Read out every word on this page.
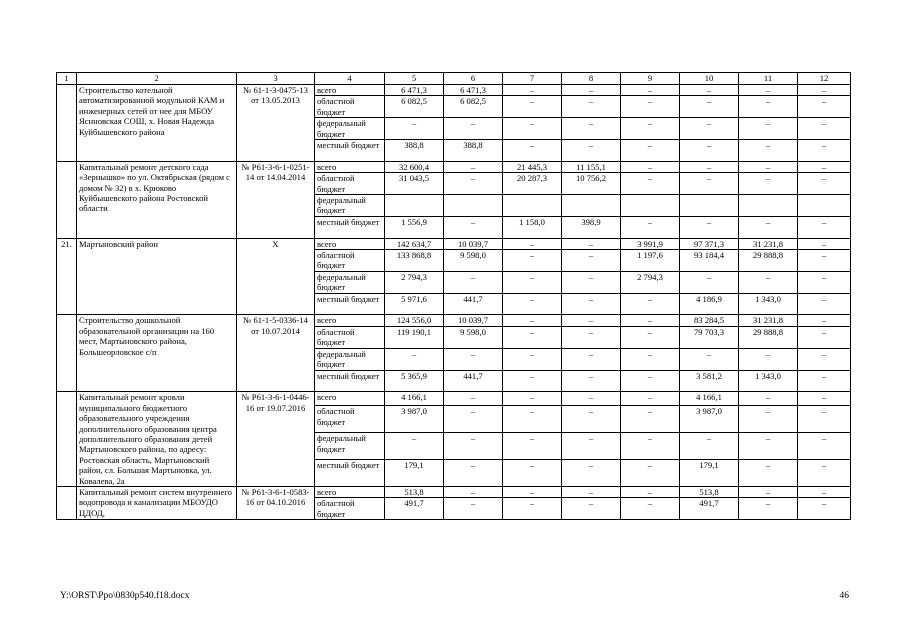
1	2	3	4	5	6	7	8	9	10	11	12
	Строительство котельной автоматизированной модульной КАМ и инженерных сетей от нее для МБОУ Яснновская СОШ, х. Новая Надежда Куйбышевского района	№ 61-1-3-0475-13 от 13.05.2013	всего	6 471,3	6 471,3	–	–	–	–	–	–
			областной бюджет	6 082,5	6 082,5	–	–	–	–	–	–
			федеральный бюджет	–	–	–	–	–	–	–	–
			местный бюджет	388,8	388,8	–	–	–	–	–	–
	Капитальный ремонт детского сада «Зернышко» по ул. Октябрьская (рядом с домом № 32) в х. Крюково Куйбышевского района Ростовской области	№ Р61-3-6-1-0251-14 от 14.04.2014	всего	32 600,4	–	21 445,3	11 155,1	–	–	–	–
			областной бюджет	31 043,5	–	20 287,3	10 756,2	–	–	–	–
			федеральный бюджет								
			местный бюджет	1 556,9	–	1 158,0	398,9	–	–	–	–
21.	Мартыновский район	Х	всего	142 634,7	10 039,7	–	–	3 991,9	97 371,3	31 231,8	–
			областной бюджет	133 868,8	9 598,0	–	–	1 197,6	93 184,4	29 888,8	–
			федеральный бюджет	2 794,3	–	–	–	2 794,3	–	–	–
			местный бюджет	5 971,6	441,7	–	–	–	4 186,9	1 343,0	–
	Строительство дошкольной образовательной организации на 160 мест, Мартыновского района, Большеорловское с/п	№ 61-1-5-0336-14 от 10.07.2014	всего	124 556,0	10 039,7	–	–	–	83 284,5	31 231,8	–
			областной бюджет	119 190,1	9 598,0	–	–	–	79 703,3	29 888,8	–
			федеральный бюджет	–	–	–	–	–	–	–	–
			местный бюджет	5 365,9	441,7	–	–	–	3 581,2	1 343,0	–
	Капитальный ремонт кровли муниципального бюджетного образовательного учреждения дополнительного образования центра дополнительного образования детей Мартыновского района, по адресу: Ростовская область, Мартыновский район, сл. Большая Мартыновка, ул. Ковалева, 2а	№ Р61-3-6-1-0446-16 от 19.07.2016	всего	4 166,1	–	–	–	–	4 166,1	–	–
			областной бюджет	3 987,0	–	–	–	–	3 987,0	–	–
			федеральный бюджет	–	–	–	–	–	–	–	–
			местный бюджет	179,1	–	–	–	–	179,1	–	–
	Капитальный ремонт систем внутреннего водопровода и канализации МБОУДО ЦДОД,	№ Р61-3-6-1-0583-16 от 04.10.2016	всего	513,8	–	–	–	–	513,8	–	–
			областной бюджет	491,7	–	–	–	–	491,7	–	–
Y:\ORST\Ppo\0830p540.f18.docx	46
